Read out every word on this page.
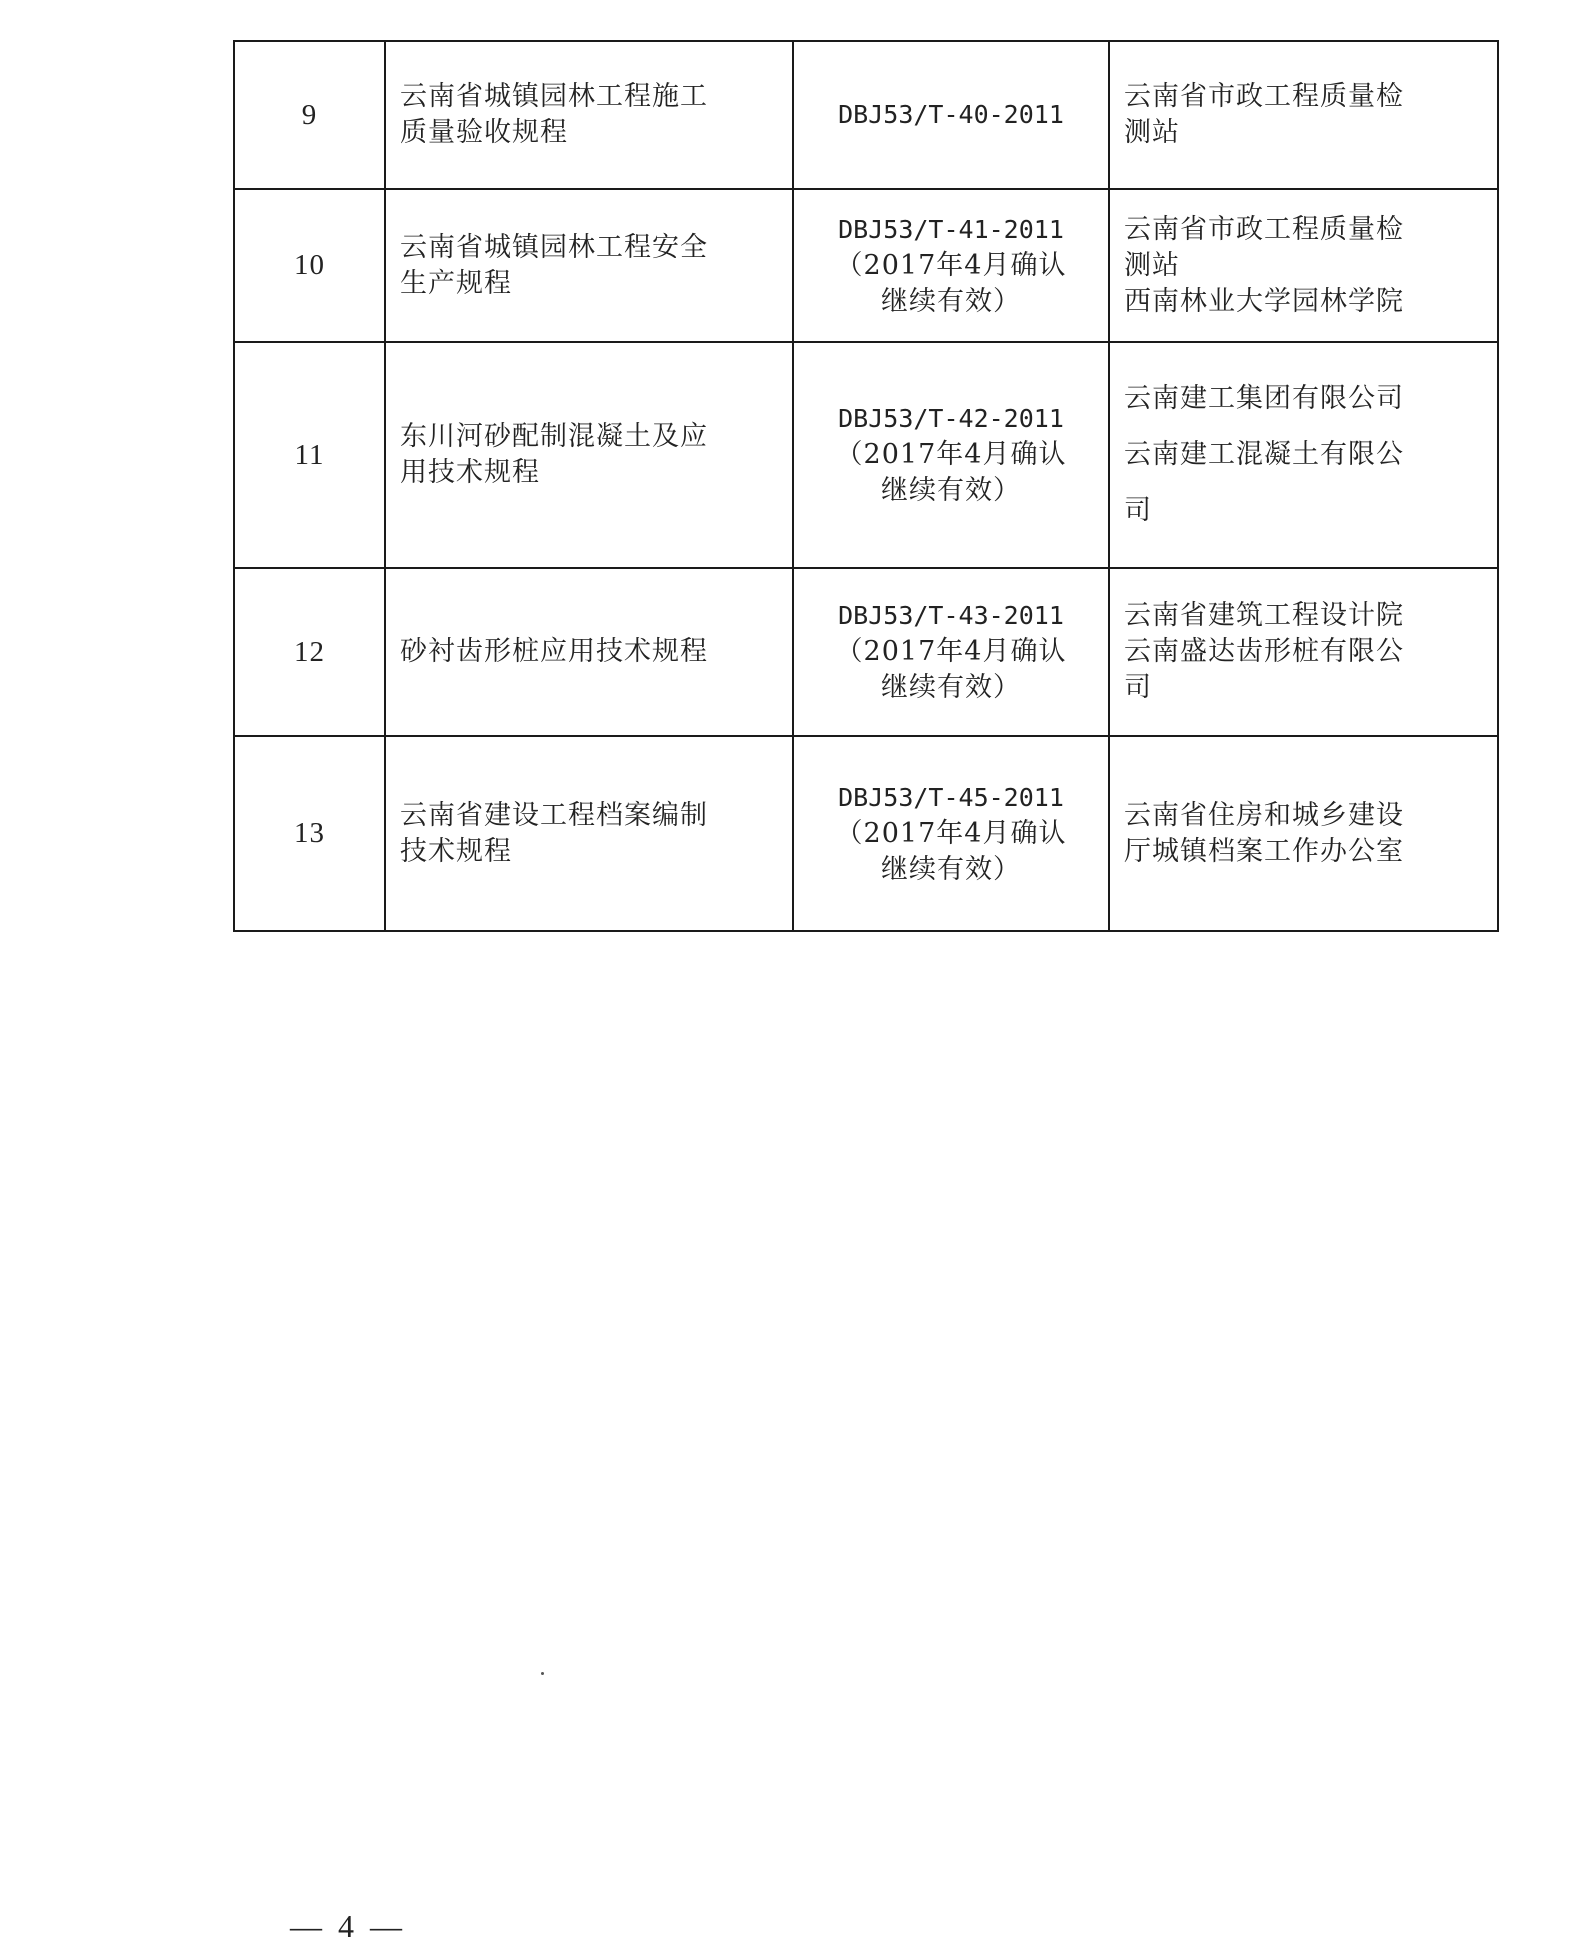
9	云南省城镇园林工程施工
质量验收规程	DBJ53/T-40-2011	云南省市政工程质量检
测站

10	云南省城镇园林工程安全
生产规程	DBJ53/T-41-2011
（2017年4月确认
继续有效）	云南省市政工程质量检
测站
西南林业大学园林学院

11	东川河砂配制混凝土及应
用技术规程	DBJ53/T-42-2011
（2017年4月确认
继续有效）	云南建工集团有限公司
云南建工混凝土有限公
司

12	砂衬齿形桩应用技术规程	DBJ53/T-43-2011
（2017年4月确认
继续有效）	云南省建筑工程设计院
云南盛达齿形桩有限公
司

13	云南省建设工程档案编制
技术规程	DBJ53/T-45-2011
（2017年4月确认
继续有效）	云南省住房和城乡建设
厅城镇档案工作办公室
— 4 —
